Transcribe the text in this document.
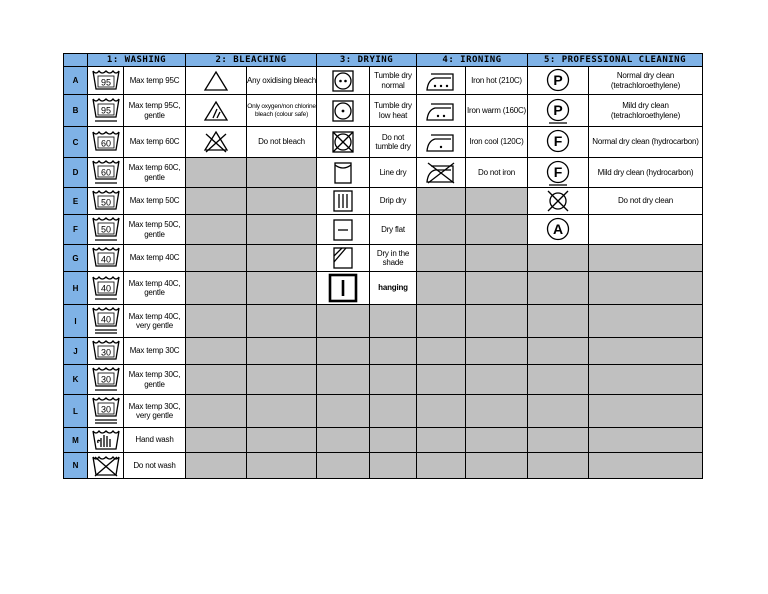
	1: WASHING		2: BLEACHING		3: DRYING		4: IRONING		5: PROFESSIONAL CLEANING	
A	95	Max temp 95C		Any oxidising bleach		Tumble dry normal		Iron hot (210C)	P	Normal dry clean (tetrachloroethylene)
B	95	Max temp 95C, gentle		Only oxygen/non chlorine bleach (colour safe)		Tumble dry low heat		Iron warm (160C)	P	Mild dry clean (tetrachloroethylene)
C	60	Max temp 60C		Do not bleach		Do not tumble dry		Iron cool (120C)	F	Normal dry clean (hydrocarbon)
D	60	Max temp 60C, gentle				Line dry		Do not iron	F	Mild dry clean (hydrocarbon)
E	50	Max temp 50C				Drip dry				Do not dry clean
F	50	Max temp 50C, gentle				Dry flat			A	

G	40	Max temp 40C				Dry in the shade				
H	40	Max temp 40C, gentle				hanging				
I	40	Max temp 40C, very gentle								
J	30	Max temp 30C								
K	30	Max temp 30C, gentle								
L	30	Max temp 30C, very gentle								
M		Hand wash								
N		Do not wash								
